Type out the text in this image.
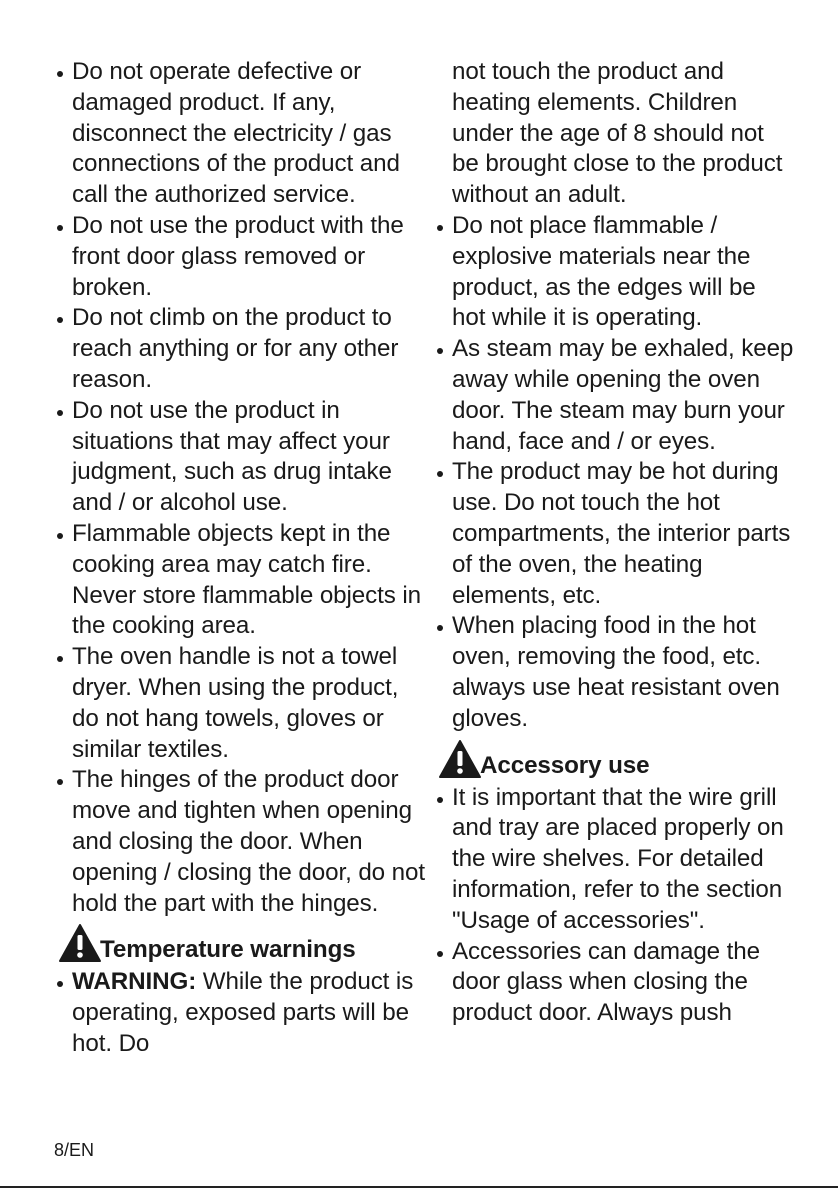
Do not operate defective or damaged product. If any, disconnect the electricity / gas connections of the product and call the authorized service.
Do not use the product with the front door glass removed or broken.
Do not climb on the product to reach anything or for any other reason.
Do not use the product in situations that may affect your judgment, such as drug intake and / or alcohol use.
Flammable objects kept in the cooking area may catch fire. Never store flammable objects in the cooking area.
The oven handle is not a towel dryer. When using the product, do not hang towels, gloves or similar textiles.
The hinges of the product door move and tighten when opening and closing the door. When opening / closing the door, do not hold the part with the hinges.
Temperature warnings
WARNING: While the product is operating, exposed parts will be hot. Do
not touch the product and heating elements. Children under the age of 8 should not be brought close to the product without an adult.
Do not place flammable / explosive materials near the product, as the edges will be hot while it is operating.
As steam may be exhaled, keep away while opening the oven door. The steam may burn your hand, face and / or eyes.
The product may be hot during use. Do not touch the hot compartments, the interior parts of the oven, the heating elements, etc.
When placing food in the hot oven, removing the food, etc. always use heat resistant oven gloves.
Accessory use
It is important that the wire grill and tray are placed properly on the wire shelves. For detailed information, refer to the section "Usage of accessories".
Accessories can damage the door glass when closing the product door. Always push
8/EN
